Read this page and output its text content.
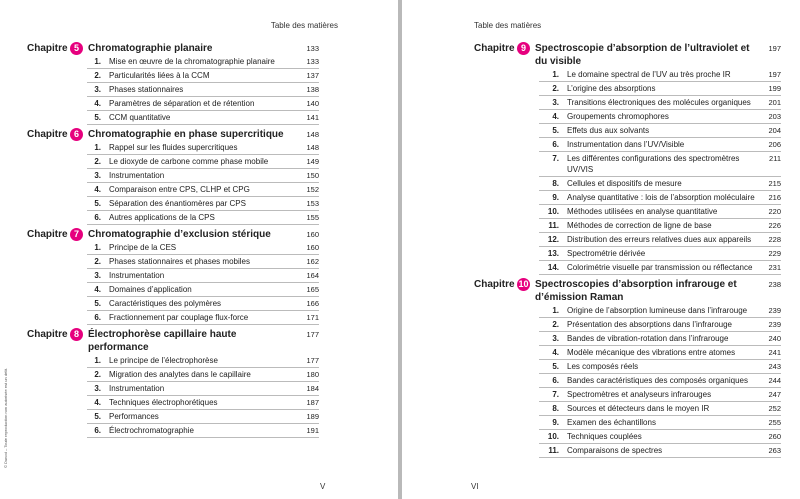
Table des matières
© Dunod – Toute reproduction non autorisée est un délit.
Chapitre 5 Chromatographie planaire	133
1. Mise en œuvre de la chromatographie planaire	133
2. Particularités liées à la CCM	137
3. Phases stationnaires	138
4. Paramètres de séparation et de rétention	140
5. CCM quantitative	141
Chapitre 6 Chromatographie en phase supercritique	148
1. Rappel sur les fluides supercritiques	148
2. Le dioxyde de carbone comme phase mobile	149
3. Instrumentation	150
4. Comparaison entre CPS, CLHP et CPG	152
5. Séparation des énantiomères par CPS	153
6. Autres applications de la CPS	155
Chapitre 7 Chromatographie d’exclusion stérique	160
1. Principe de la CES	160
2. Phases stationnaires et phases mobiles	162
3. Instrumentation	164
4. Domaines d’application	165
5. Caractéristiques des polymères	166
6. Fractionnement par couplage flux-force	171
Chapitre 8 Électrophorèse capillaire haute performance
177
1. Le principe de l’électrophorèse	177
2. Migration des analytes dans le capillaire	180
3. Instrumentation	184
4. Techniques électrophorétiques	187
5. Performances	189
6. Électrochromatographie	191
V
Table des matières
Chapitre 9 Spectroscopie d’absorption de l’ultraviolet et du visible
197
1. Le domaine spectral de l’UV au très proche IR	197
2. L’origine des absorptions	199
3. Transitions électroniques des molécules organiques	201
4. Groupements chromophores	203
5. Effets dus aux solvants	204
6. Instrumentation dans l’UV/Visible	206
7. Les différentes configurations des spectromètres UV/VIS
211
8. Cellules et dispositifs de mesure	215
9. Analyse quantitative : lois de l’absorption moléculaire	216
10. Méthodes utilisées en analyse quantitative	220
11. Méthodes de correction de ligne de base	226
12. Distribution des erreurs relatives dues aux appareils	228
13. Spectrométrie dérivée	229
14. Colorimétrie visuelle par transmission ou réflectance	231
Chapitre 10 Spectroscopies d’absorption infrarouge et d’émission Raman
238
1. Origine de l’absorption lumineuse dans l’infrarouge	239
2. Présentation des absorptions dans l’infrarouge	239
3. Bandes de vibration-rotation dans l’infrarouge	240
4. Modèle mécanique des vibrations entre atomes	241
5. Les composés réels	243
6. Bandes caractéristiques des composés organiques	244
7. Spectromètres et analyseurs infrarouges	247
8. Sources et détecteurs dans le moyen IR	252
9. Examen des échantillons	255
10. Techniques couplées	260
11. Comparaisons de spectres	263
VI
